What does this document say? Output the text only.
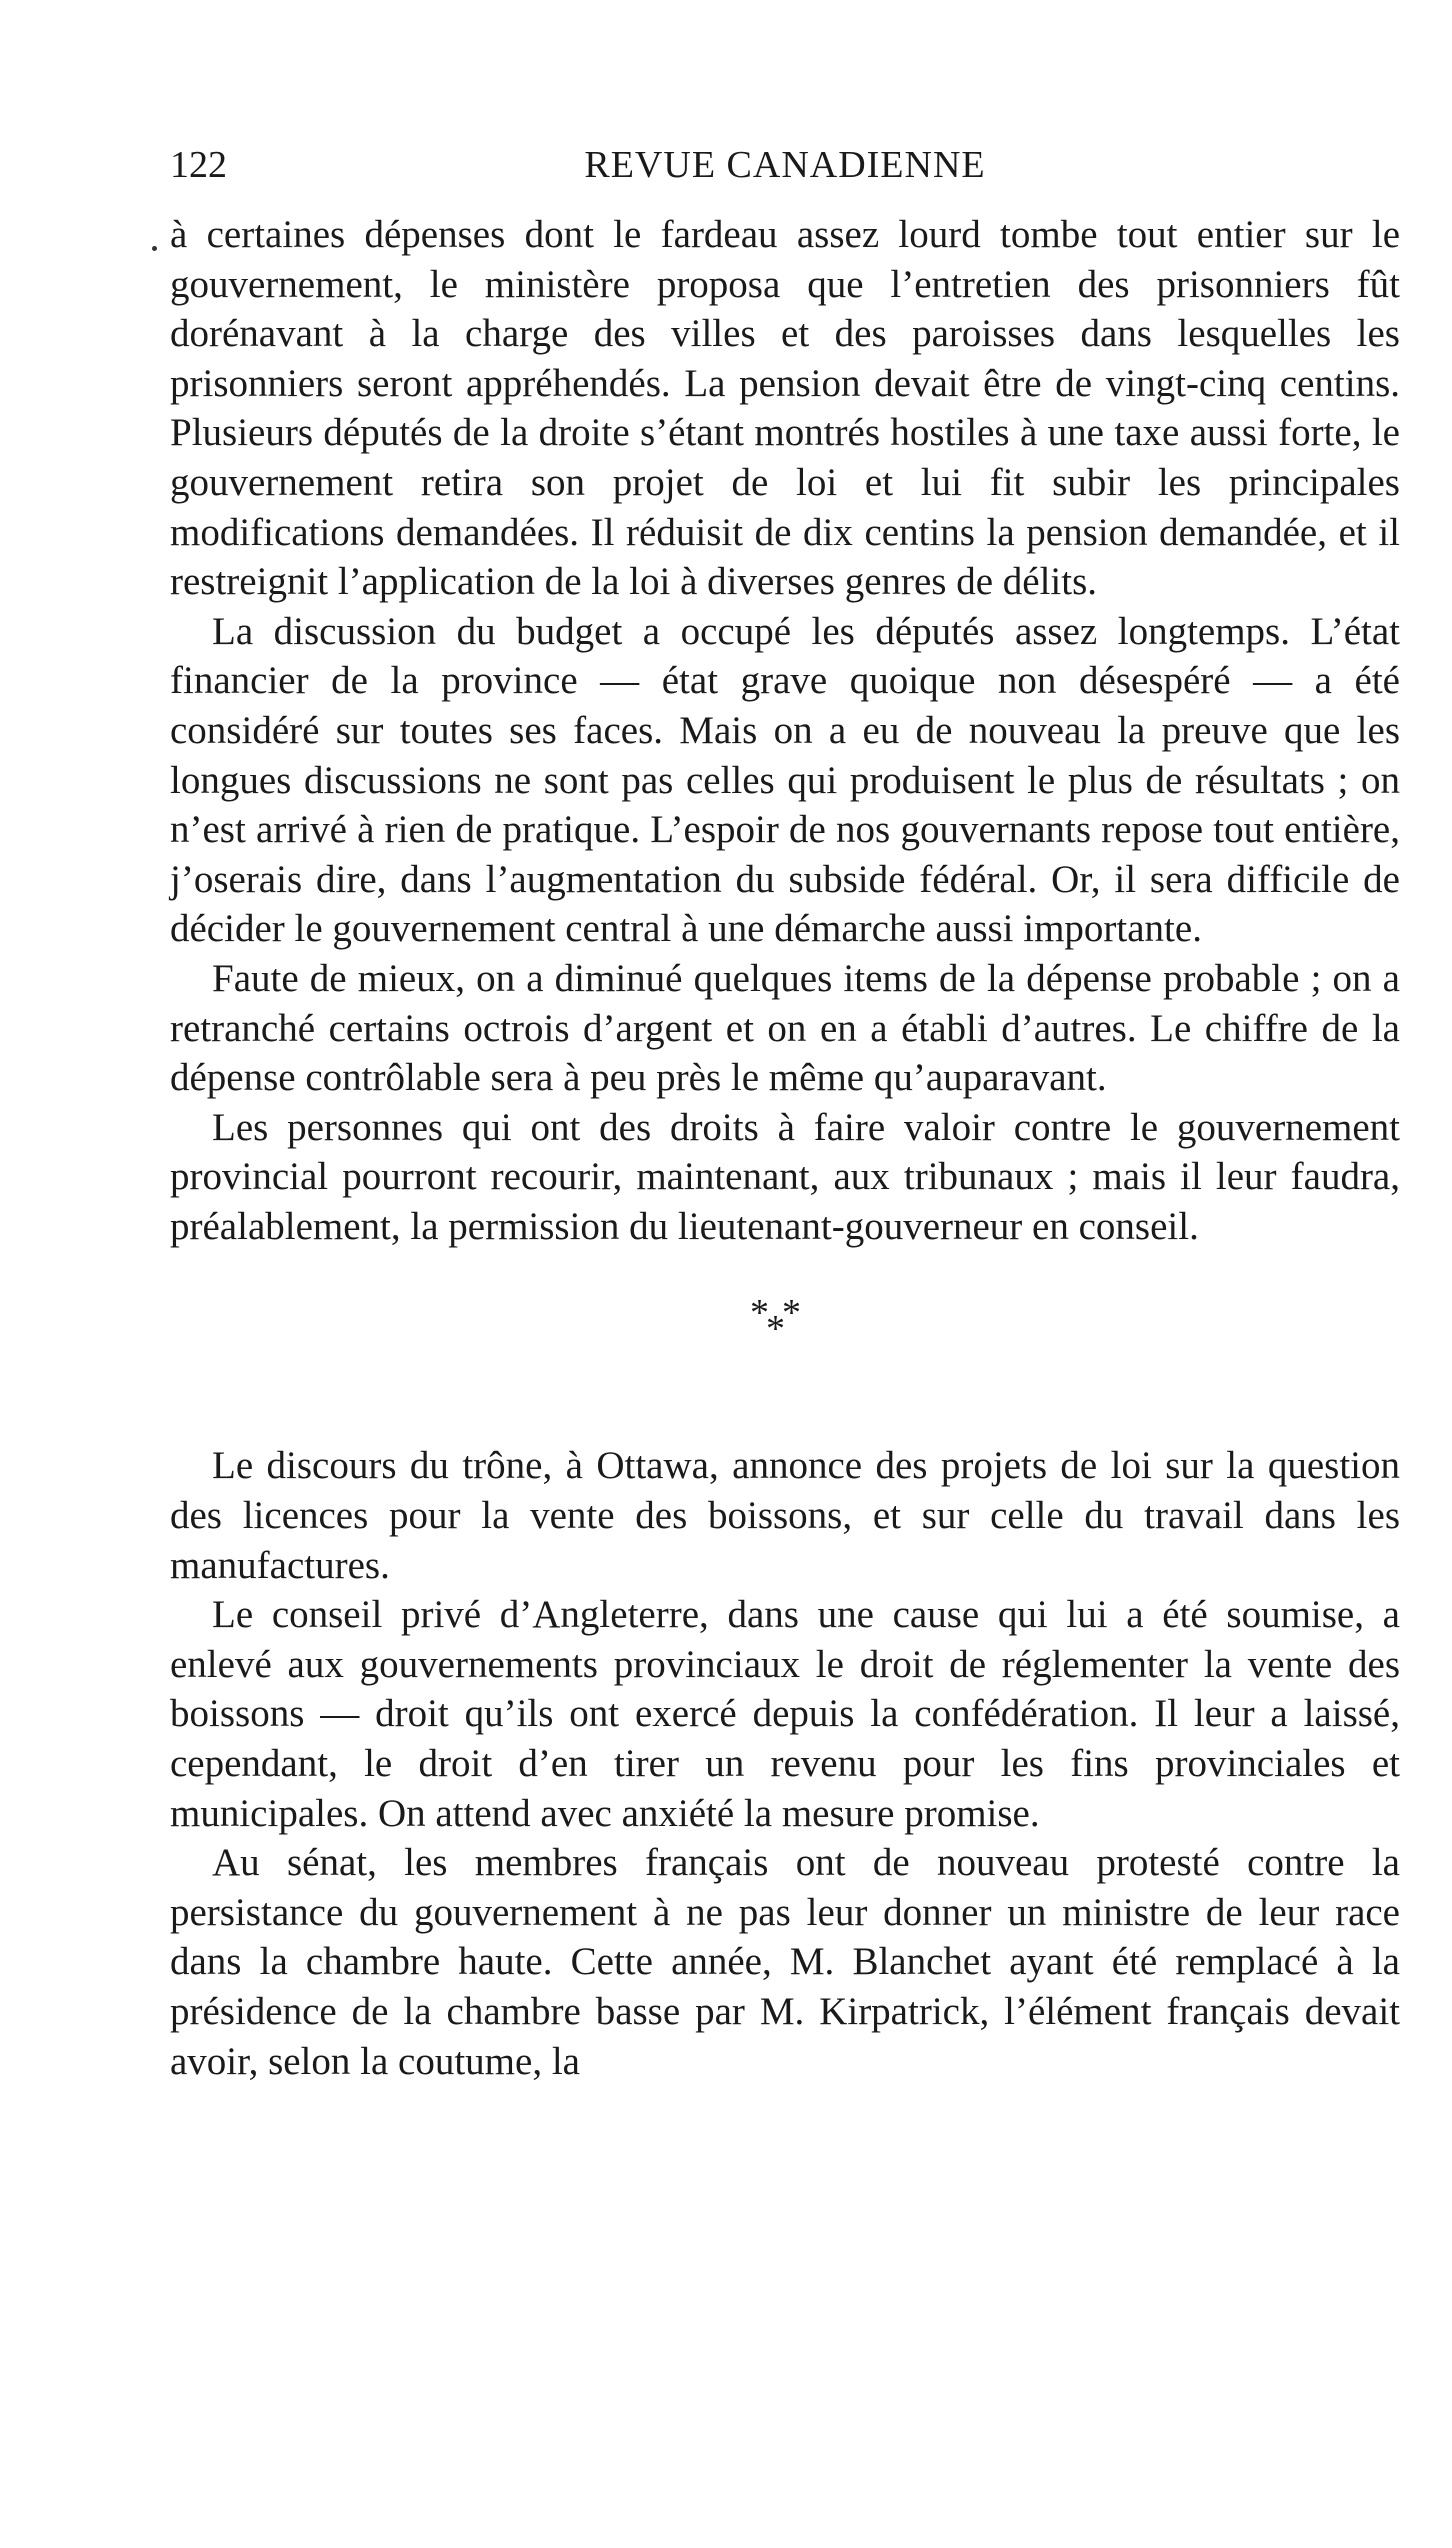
122	REVUE CANADIENNE

à certaines dépenses dont le fardeau assez lourd tombe tout entier sur le gouvernement, le ministère proposa que l’entretien des prisonniers fût dorénavant à la charge des villes et des paroisses dans lesquelles les prisonniers seront appréhendés. La pension devait être de vingt-cinq centins. Plusieurs députés de la droite s’étant montrés hostiles à une taxe aussi forte, le gouvernement retira son projet de loi et lui fit subir les principales modifications demandées. Il réduisit de dix centins la pension demandée, et il restreignit l’application de la loi à diverses genres de délits.

La discussion du budget a occupé les députés assez longtemps. L’état financier de la province — état grave quoique non désespéré — a été considéré sur toutes ses faces. Mais on a eu de nouveau la preuve que les longues discussions ne sont pas celles qui produisent le plus de résultats ; on n’est arrivé à rien de pratique. L’espoir de nos gouvernants repose tout entière, j’oserais dire, dans l’augmentation du subside fédéral. Or, il sera difficile de décider le gouvernement central à une démarche aussi importante.

Faute de mieux, on a diminué quelques items de la dépense probable ; on a retranché certains octrois d’argent et on en a établi d’autres. Le chiffre de la dépense contrôlable sera à peu près le même qu’auparavant.

Les personnes qui ont des droits à faire valoir contre le gouvernement provincial pourront recourir, maintenant, aux tribunaux ; mais il leur faudra, préalablement, la permission du lieutenant-gouverneur en conseil.

* *
*

Le discours du trône, à Ottawa, annonce des projets de loi sur la question des licences pour la vente des boissons, et sur celle du travail dans les manufactures.

Le conseil privé d’Angleterre, dans une cause qui lui a été soumise, a enlevé aux gouvernements provinciaux le droit de réglementer la vente des boissons — droit qu’ils ont exercé depuis la confédération. Il leur a laissé, cependant, le droit d’en tirer un revenu pour les fins provinciales et municipales. On attend avec anxiété la mesure promise.

Au sénat, les membres français ont de nouveau protesté contre la persistance du gouvernement à ne pas leur donner un ministre de leur race dans la chambre haute. Cette année, M. Blanchet ayant été remplacé à la présidence de la chambre basse par M. Kirpatrick, l’élément français devait avoir, selon la coutume, la
